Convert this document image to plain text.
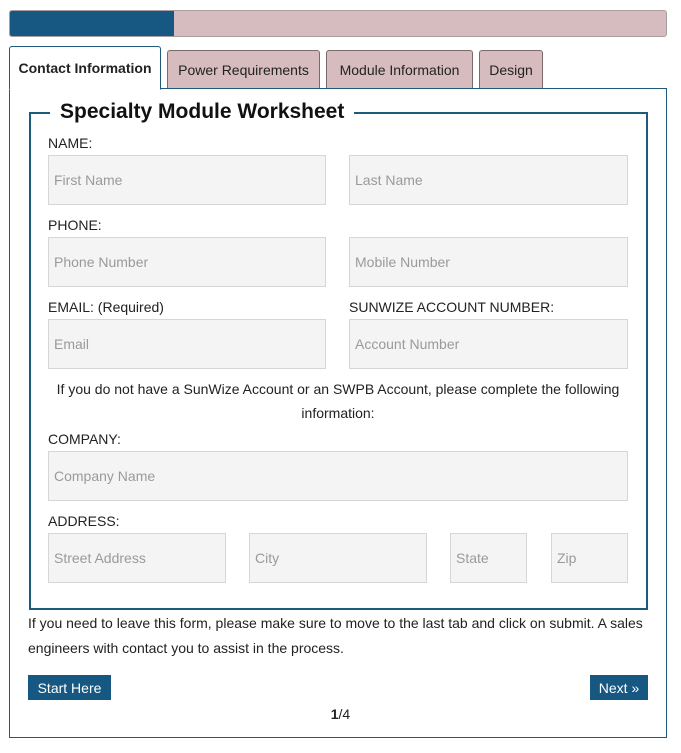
Contact Information Power Requirements Module Information Design
Specialty Module Worksheet
NAME:
First Name
Last Name
PHONE:
Phone Number
Mobile Number
EMAIL: (Required)	SUNWIZE ACCOUNT NUMBER:
Email
Account Number
If you do not have a SunWize Account or an SWPB Account, please complete the following information:
COMPANY:
Company Name
ADDRESS:
Street Address
City
State
Zip
If you need to leave this form, please make sure to move to the last tab and click on submit. A sales engineers with contact you to assist in the process.
Start Here	Next »
1/4
